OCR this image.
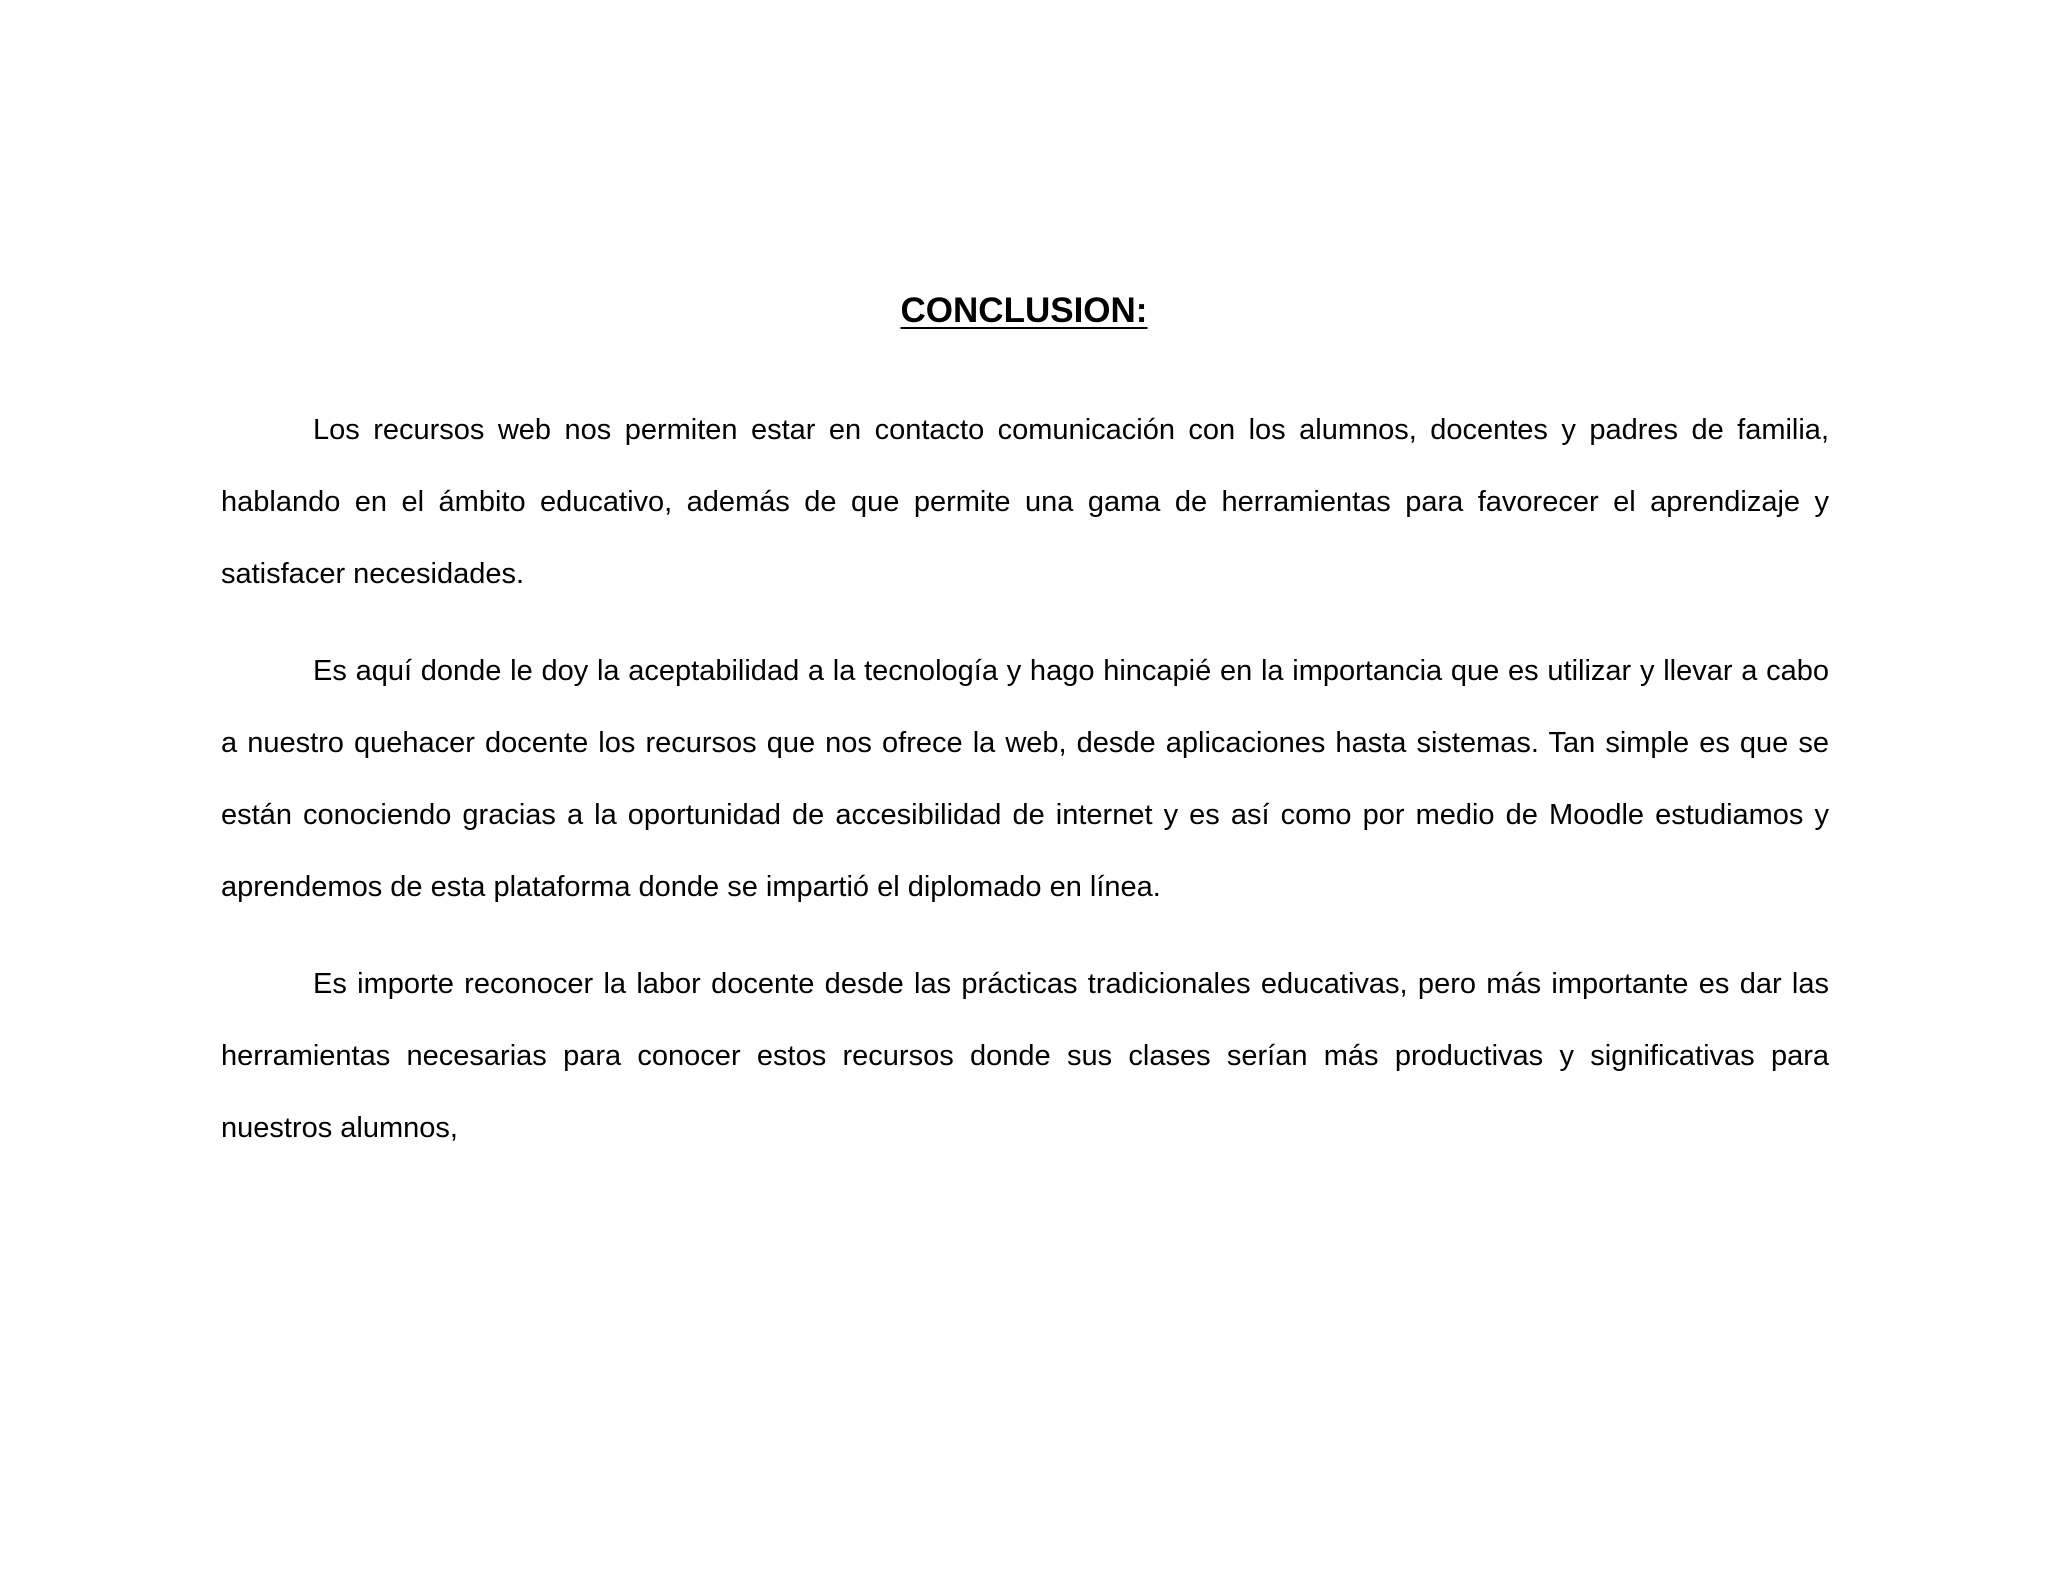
CONCLUSION:

Los recursos web nos permiten estar en contacto comunicación con los alumnos, docentes y padres de familia, hablando en el ámbito educativo, además de que permite una gama de herramientas para favorecer el aprendizaje y satisfacer necesidades.

Es aquí donde le doy la aceptabilidad a la tecnología y hago hincapié en la importancia que es utilizar y llevar a cabo a nuestro quehacer docente los recursos que nos ofrece la web, desde aplicaciones hasta sistemas. Tan simple es que se están conociendo gracias a la oportunidad de accesibilidad de internet y es así como por medio de Moodle estudiamos y aprendemos de esta plataforma donde se impartió el diplomado en línea.

Es importe reconocer la labor docente desde las prácticas tradicionales educativas, pero más importante es dar las herramientas necesarias para conocer estos recursos donde sus clases serían más productivas y significativas para nuestros alumnos,
